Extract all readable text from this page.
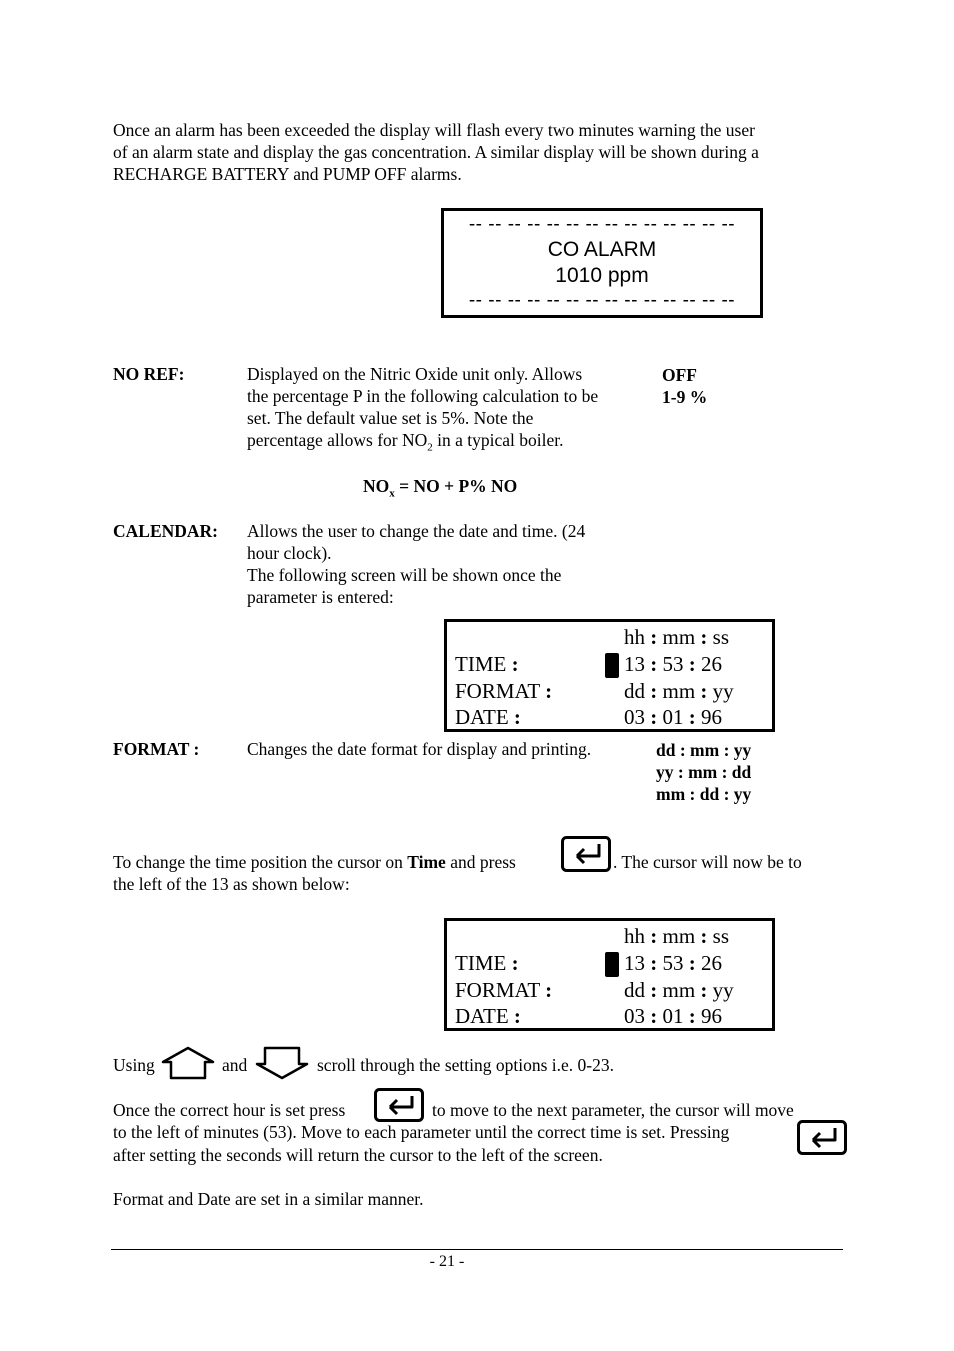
Once an alarm has been exceeded the display will flash every two minutes warning the user
of an alarm state and display the gas concentration. A similar display will be shown during a
RECHARGE BATTERY and PUMP OFF alarms.
-- -- -- -- -- -- -- -- -- -- -- -- -- --
CO ALARM
1010 ppm
-- -- -- -- -- -- -- -- -- -- -- -- -- --
NO REF:	Displayed on the Nitric Oxide unit only. Allows
the percentage P in the following calculation to be
set. The default value set is 5%. Note the
percentage allows for $NO_2$ in a typical boiler.
OFF
1-9 %
$NO_x$ = NO + P% NO
CALENDAR: Allows the user to change the date and time. (24
hour clock).
The following screen will be shown once the
parameter is entered:
hh : mm : ss
TIME :	13 : 53 : 26
FORMAT :	dd : mm : yy
DATE :	03 : 01 : 96
FORMAT :	Changes the date format for display and printing.	dd : mm : yy
yy : mm : dd
mm : dd : yy
To change the time position the cursor on Time and press	. The cursor will now be to
the left of the 13 as shown below:
hh : mm : ss
TIME :	13 : 53 : 26
FORMAT :	dd : mm : yy
DATE :	03 : 01 : 96
Using	and	scroll through the setting options i.e. 0-23.
Once the correct hour is set press	to move to the next parameter, the cursor will move
to the left of minutes (53). Move to each parameter until the correct time is set. Pressing
after setting the seconds will return the cursor to the left of the screen.
Format and Date are set in a similar manner.
- 21 -
